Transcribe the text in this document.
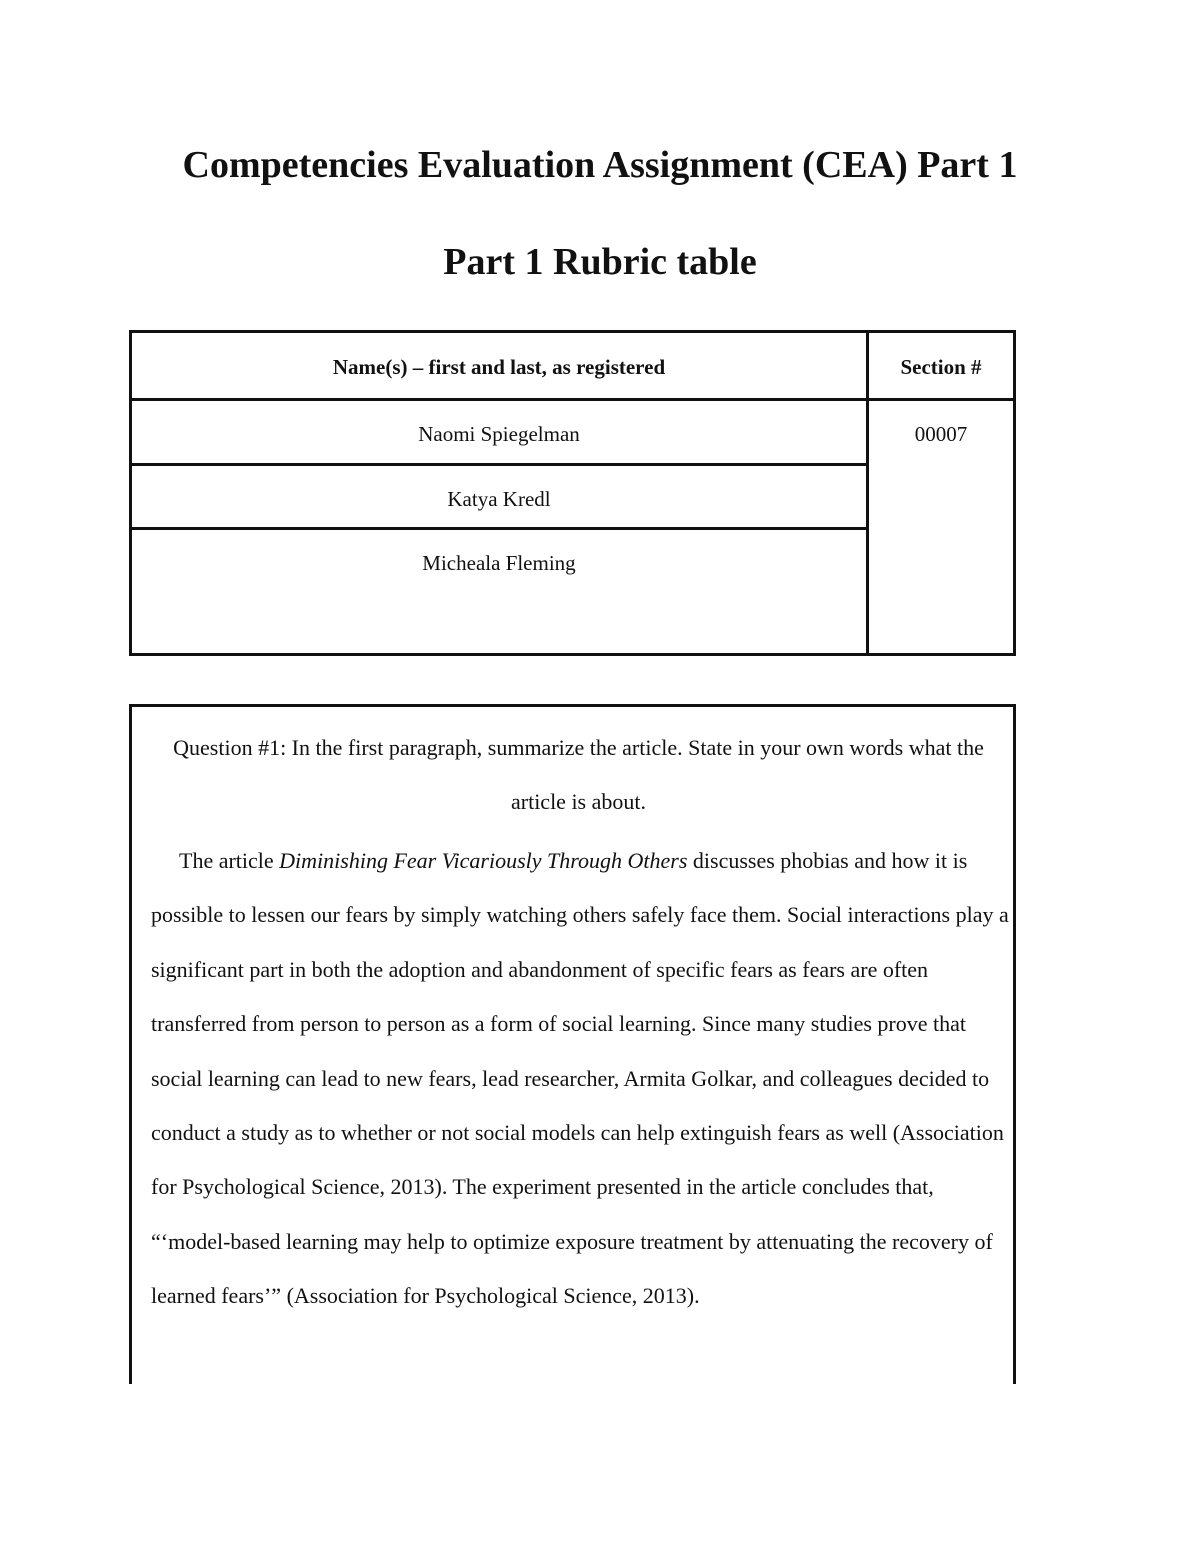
Competencies Evaluation Assignment (CEA) Part 1
Part 1 Rubric table
Name(s) – first and last, as registered	Section #
Naomi Spiegelman
Katya Kredl
Micheala Fleming
00007

Question #1: In the first paragraph, summarize the article. State in your own words what the article is about.

The article Diminishing Fear Vicariously Through Others discusses phobias and how it is possible to lessen our fears by simply watching others safely face them. Social interactions play a significant part in both the adoption and abandonment of specific fears as fears are often transferred from person to person as a form of social learning. Since many studies prove that social learning can lead to new fears, lead researcher, Armita Golkar, and colleagues decided to conduct a study as to whether or not social models can help extinguish fears as well (Association for Psychological Science, 2013). The experiment presented in the article concludes that, “‘model-based learning may help to optimize exposure treatment by attenuating the recovery of learned fears’” (Association for Psychological Science, 2013).
